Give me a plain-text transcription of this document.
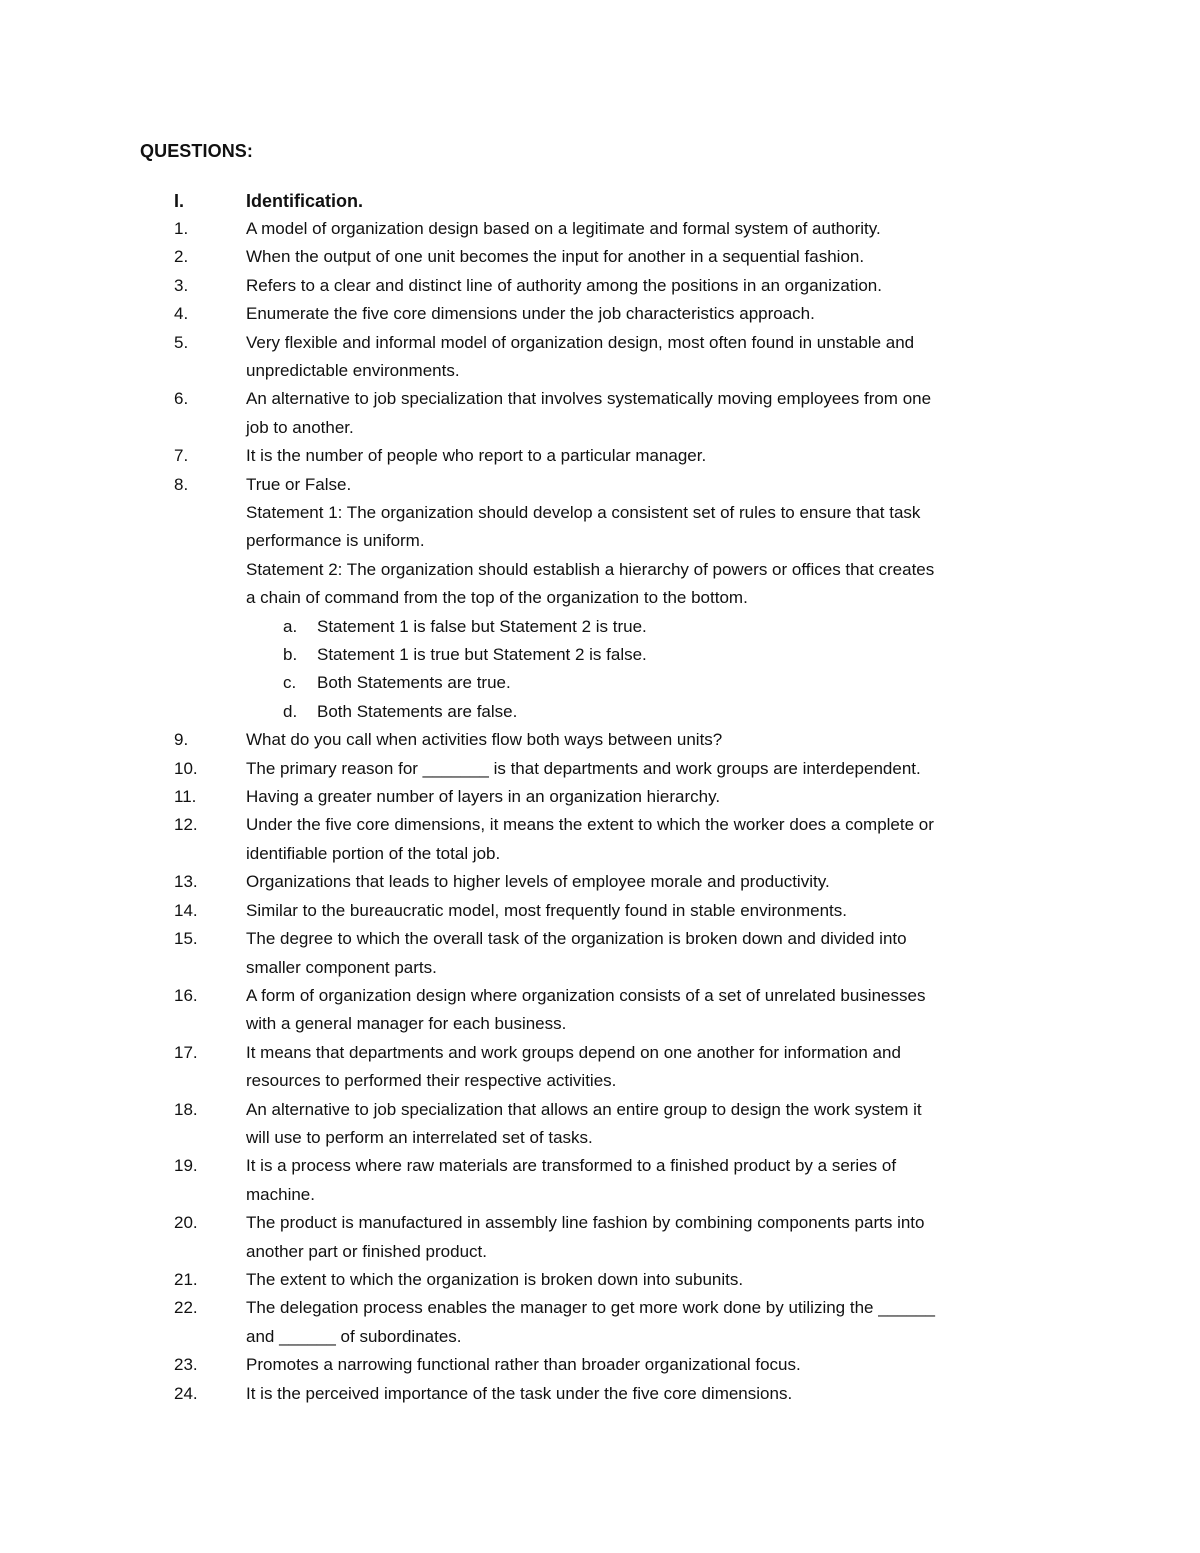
QUESTIONS:
I.	Identification.
1.	A model of organization design based on a legitimate and formal system of authority.
2.	When the output of one unit becomes the input for another in a sequential fashion.
3.	Refers to a clear and distinct line of authority among the positions in an organization.
4.	Enumerate the five core dimensions under the job characteristics approach.
5.	Very flexible and informal model of organization design, most often found in unstable and
unpredictable environments.
6.	An alternative to job specialization that involves systematically moving employees from one
job to another.
7.	It is the number of people who report to a particular manager.
8.	True or False.
Statement 1: The organization should develop a consistent set of rules to ensure that task
performance is uniform.
Statement 2: The organization should establish a hierarchy of powers or offices that creates
a chain of command from the top of the organization to the bottom.
a. Statement 1 is false but Statement 2 is true.
b. Statement 1 is true but Statement 2 is false.
c. Both Statements are true.
d. Both Statements are false.
9.	What do you call when activities flow both ways between units?
10.	The primary reason for _______ is that departments and work groups are interdependent.
11.	Having a greater number of layers in an organization hierarchy.
12.	Under the five core dimensions, it means the extent to which the worker does a complete or
identifiable portion of the total job.
13.	Organizations that leads to higher levels of employee morale and productivity.
14.	Similar to the bureaucratic model, most frequently found in stable environments.
15.	The degree to which the overall task of the organization is broken down and divided into
smaller component parts.
16.	A form of organization design where organization consists of a set of unrelated businesses
with a general manager for each business.
17.	It means that departments and work groups depend on one another for information and
resources to performed their respective activities.
18.	An alternative to job specialization that allows an entire group to design the work system it
will use to perform an interrelated set of tasks.
19.	It is a process where raw materials are transformed to a finished product by a series of
machine.
20.	The product is manufactured in assembly line fashion by combining components parts into
another part or finished product.
21.	The extent to which the organization is broken down into subunits.
22.	The delegation process enables the manager to get more work done by utilizing the ______
and ______ of subordinates.
23.	Promotes a narrowing functional rather than broader organizational focus.
24.	It is the perceived importance of the task under the five core dimensions.
